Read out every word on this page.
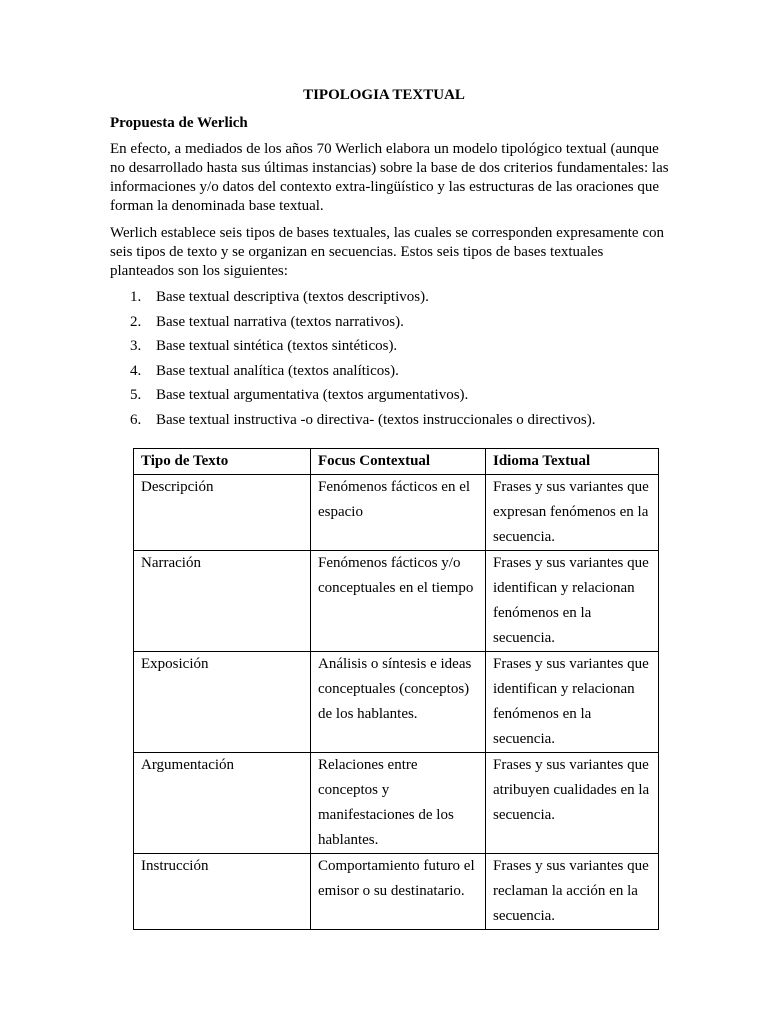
TIPOLOGIA TEXTUAL
Propuesta de Werlich
En efecto, a mediados de los años 70 Werlich elabora un modelo tipológico textual (aunque no desarrollado hasta sus últimas instancias) sobre la base de dos criterios fundamentales: las informaciones y/o datos del contexto extra-lingüístico y las estructuras de las oraciones que forman la denominada base textual.
Werlich establece seis tipos de bases textuales, las cuales se corresponden expresamente con seis tipos de texto y se organizan en secuencias. Estos seis tipos de bases textuales planteados son los siguientes:
1. Base textual descriptiva (textos descriptivos).
2. Base textual narrativa (textos narrativos).
3. Base textual sintética (textos sintéticos).
4. Base textual analítica (textos analíticos).
5. Base textual argumentativa (textos argumentativos).
6. Base textual instructiva -o directiva- (textos instruccionales o directivos).
Tipo de Texto	Focus Contextual	Idioma Textual
Descripción	Fenómenos fácticos en el espacio	Frases y sus variantes que expresan fenómenos en la secuencia.
Narración	Fenómenos fácticos y/o conceptuales en el tiempo	Frases y sus variantes que identifican y relacionan fenómenos en la secuencia.
Exposición	Análisis o síntesis e ideas conceptuales (conceptos) de los hablantes.	Frases y sus variantes que identifican y relacionan fenómenos en la secuencia.
Argumentación	Relaciones entre conceptos y manifestaciones de los hablantes.	Frases y sus variantes que atribuyen cualidades en la secuencia.
Instrucción	Comportamiento futuro el emisor o su destinatario.	Frases y sus variantes que reclaman la acción en la secuencia.
